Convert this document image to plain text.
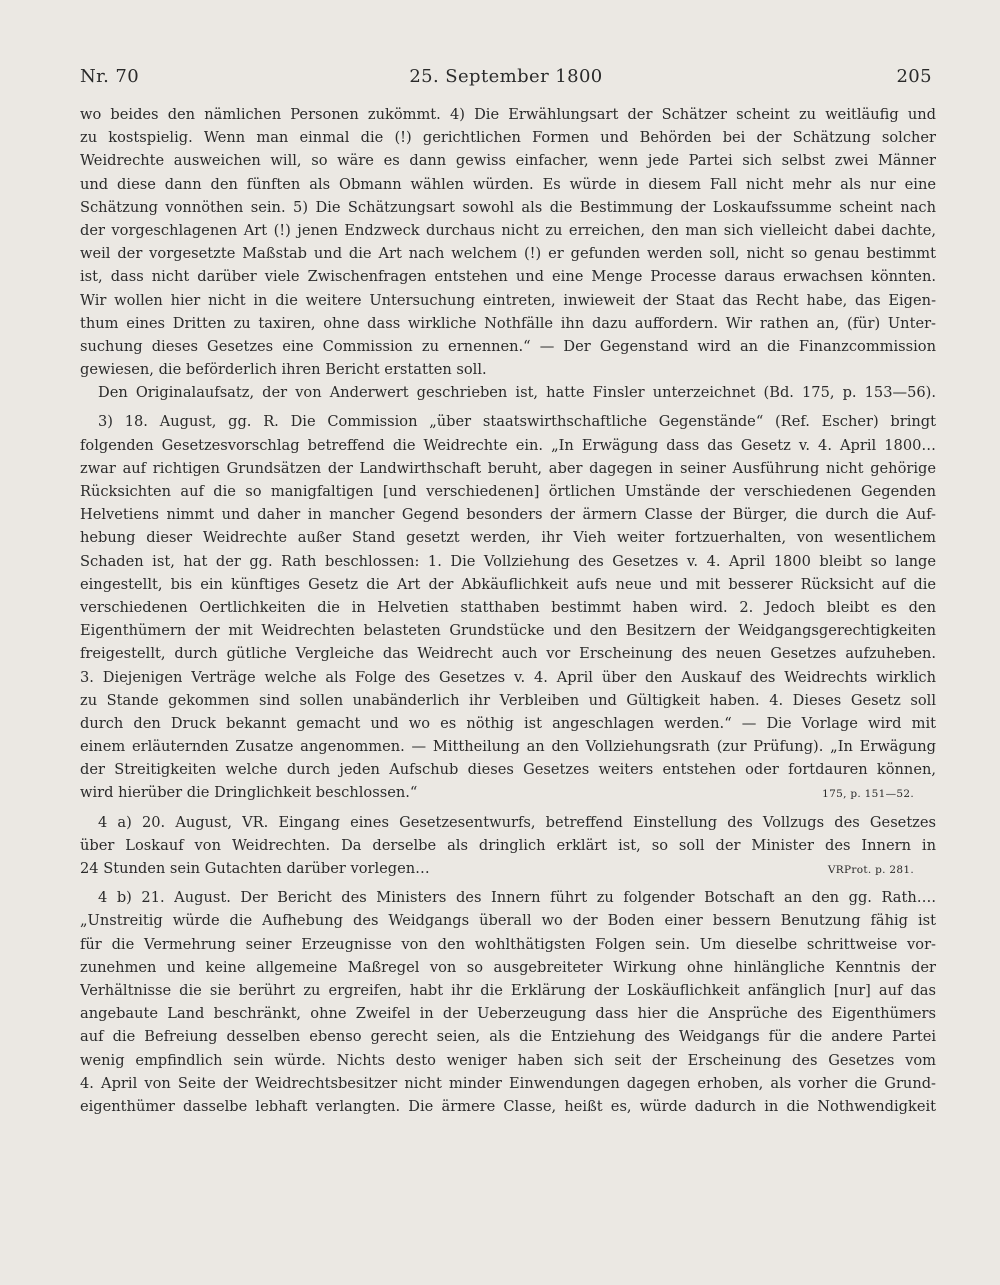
Nr. 70	25. September 1800	205
wo beides den nämlichen Personen zukömmt. 4) Die Erwählungsart der Schätzer scheint zu weitläufig und
zu kostspielig. Wenn man einmal die (!) gerichtlichen Formen und Behörden bei der Schätzung solcher
Weidrechte ausweichen will, so wäre es dann gewiss einfacher, wenn jede Partei sich selbst zwei Männer
und diese dann den fünften als Obmann wählen würden. Es würde in diesem Fall nicht mehr als nur eine
Schätzung vonnöthen sein. 5) Die Schätzungsart sowohl als die Bestimmung der Loskaufssumme scheint nach
der vorgeschlagenen Art (!) jenen Endzweck durchaus nicht zu erreichen, den man sich vielleicht dabei dachte,
weil der vorgesetzte Maßstab und die Art nach welchem (!) er gefunden werden soll, nicht so genau bestimmt
ist, dass nicht darüber viele Zwischenfragen entstehen und eine Menge Processe daraus erwachsen könnten.
Wir wollen hier nicht in die weitere Untersuchung eintreten, inwieweit der Staat das Recht habe, das Eigen-
thum eines Dritten zu taxiren, ohne dass wirkliche Nothfälle ihn dazu auffordern. Wir rathen an, (für) Unter-
suchung dieses Gesetzes eine Commission zu ernennen.“ — Der Gegenstand wird an die Finanzcommission
gewiesen, die beförderlich ihren Bericht erstatten soll.
Den Originalaufsatz, der von Anderwert geschrieben ist, hatte Finsler unterzeichnet (Bd. 175, p. 153—56).
3) 18. August, gg. R. Die Commission „über staatswirthschaftliche Gegenstände“ (Ref. Escher) bringt
folgenden Gesetzesvorschlag betreffend die Weidrechte ein. „In Erwägung dass das Gesetz v. 4. April 1800…
zwar auf richtigen Grundsätzen der Landwirthschaft beruht, aber dagegen in seiner Ausführung nicht gehörige
Rücksichten auf die so manigfaltigen [und verschiedenen] örtlichen Umstände der verschiedenen Gegenden
Helvetiens nimmt und daher in mancher Gegend besonders der ärmern Classe der Bürger, die durch die Auf-
hebung dieser Weidrechte außer Stand gesetzt werden, ihr Vieh weiter fortzuerhalten, von wesentlichem
Schaden ist, hat der gg. Rath beschlossen: 1. Die Vollziehung des Gesetzes v. 4. April 1800 bleibt so lange
eingestellt, bis ein künftiges Gesetz die Art der Abkäuflichkeit aufs neue und mit besserer Rücksicht auf die
verschiedenen Oertlichkeiten die in Helvetien statthaben bestimmt haben wird. 2. Jedoch bleibt es den
Eigenthümern der mit Weidrechten belasteten Grundstücke und den Besitzern der Weidgangsgerechtigkeiten
freigestellt, durch gütliche Vergleiche das Weidrecht auch vor Erscheinung des neuen Gesetzes aufzuheben.
3. Diejenigen Verträge welche als Folge des Gesetzes v. 4. April über den Auskauf des Weidrechts wirklich
zu Stande gekommen sind sollen unabänderlich ihr Verbleiben und Gültigkeit haben. 4. Dieses Gesetz soll
durch den Druck bekannt gemacht und wo es nöthig ist angeschlagen werden.“ — Die Vorlage wird mit
einem erläuternden Zusatze angenommen. — Mittheilung an den Vollziehungsrath (zur Prüfung). „In Erwägung
der Streitigkeiten welche durch jeden Aufschub dieses Gesetzes weiters entstehen oder fortdauren können,
wird hierüber die Dringlichkeit beschlossen.“	175, p. 151—52.
4 a) 20. August, VR. Eingang eines Gesetzesentwurfs, betreffend Einstellung des Vollzugs des Gesetzes
über Loskauf von Weidrechten. Da derselbe als dringlich erklärt ist, so soll der Minister des Innern in
24 Stunden sein Gutachten darüber vorlegen…	VRProt. p. 281.
4 b) 21. August. Der Bericht des Ministers des Innern führt zu folgender Botschaft an den gg. Rath….
„Unstreitig würde die Aufhebung des Weidgangs überall wo der Boden einer bessern Benutzung fähig ist
für die Vermehrung seiner Erzeugnisse von den wohlthätigsten Folgen sein. Um dieselbe schrittweise vor-
zunehmen und keine allgemeine Maßregel von so ausgebreiteter Wirkung ohne hinlängliche Kenntnis der
Verhältnisse die sie berührt zu ergreifen, habt ihr die Erklärung der Loskäuflichkeit anfänglich [nur] auf das
angebaute Land beschränkt, ohne Zweifel in der Ueberzeugung dass hier die Ansprüche des Eigenthümers
auf die Befreiung desselben ebenso gerecht seien, als die Entziehung des Weidgangs für die andere Partei
wenig empfindlich sein würde. Nichts desto weniger haben sich seit der Erscheinung des Gesetzes vom
4. April von Seite der Weidrechtsbesitzer nicht minder Einwendungen dagegen erhoben, als vorher die Grund-
eigenthümer dasselbe lebhaft verlangten. Die ärmere Classe, heißt es, würde dadurch in die Nothwendigkeit
